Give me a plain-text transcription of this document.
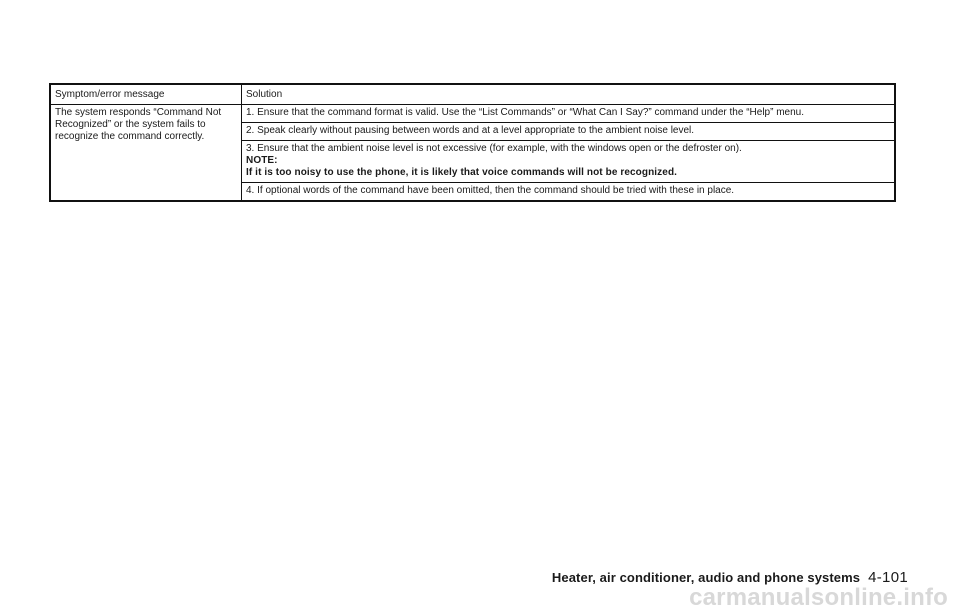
Symptom/error message	Solution
The system responds “Command Not Recognized” or the system fails to recognize the command correctly.	1. Ensure that the command format is valid. Use the “List Commands” or “What Can I Say?” command under the “Help” menu.
	2. Speak clearly without pausing between words and at a level appropriate to the ambient noise level.
	3. Ensure that the ambient noise level is not excessive (for example, with the windows open or the defroster on).
NOTE:
If it is too noisy to use the phone, it is likely that voice commands will not be recognized.

	4. If optional words of the command have been omitted, then the command should be tried with these in place.
Heater, air conditioner, audio and phone systems 4-101
carmanualsonline.info
